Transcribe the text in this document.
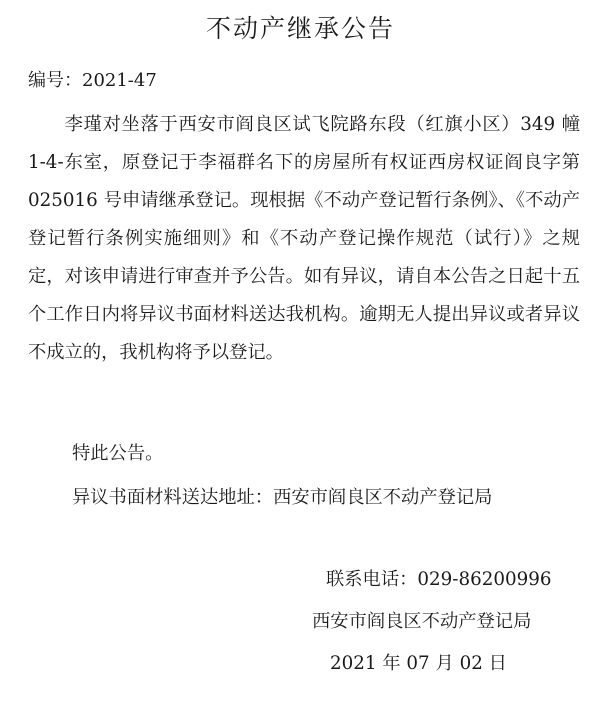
不动产继承公告
编号：2021-47

李瑾对坐落于西安市阎良区试飞院路东段（红旗小区）349 幢 1-4-东室，原登记于李福群名下的房屋所有权证西房权证阎良字第 025016 号申请继承登记。现根据《不动产登记暂行条例》、《不动产登记暂行条例实施细则》和《不动产登记操作规范（试行）》之规定，对该申请进行审查并予公告。如有异议，请自本公告之日起十五个工作日内将异议书面材料送达我机构。逾期无人提出异议或者异议不成立的，我机构将予以登记。

特此公告。
异议书面材料送达地址：西安市阎良区不动产登记局
联系电话：029-86200996
西安市阎良区不动产登记局
2021 年 07 月 02 日
